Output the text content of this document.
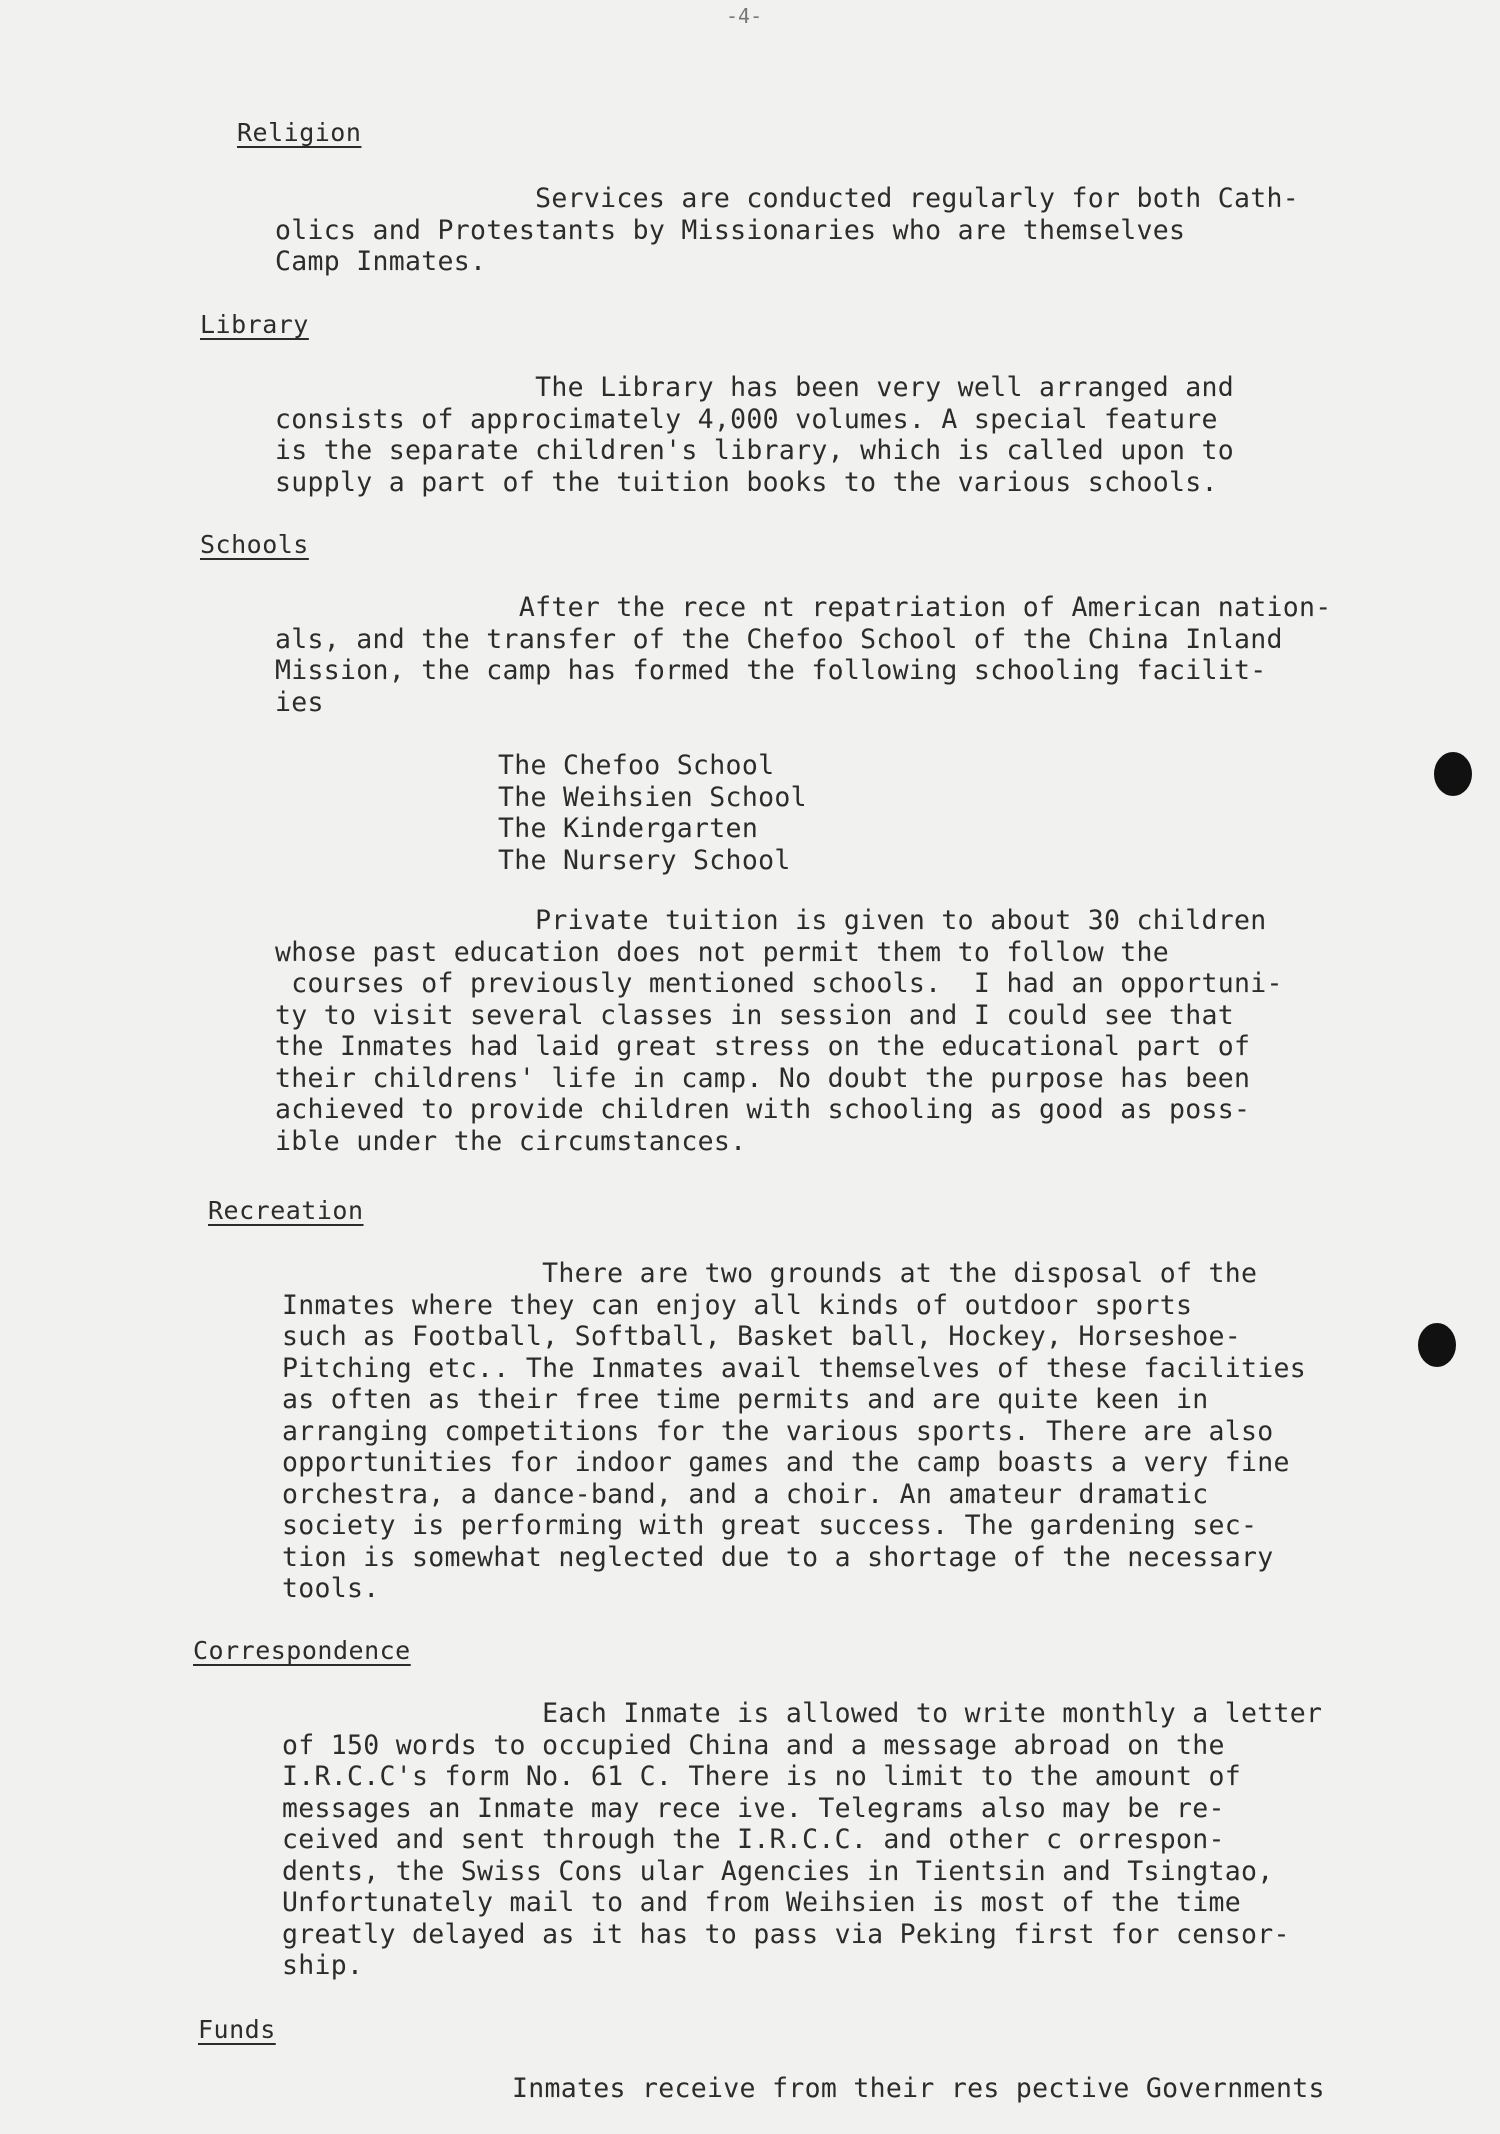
-4-
Religion
Services are conducted regularly for both Cath-
olics and Protestants by Missionaries who are themselves
Camp Inmates.
Library
The Library has been very well arranged and
consists of approcimately 4,000 volumes. A special feature
is the separate children's library, which is called upon to
supply a part of the tuition books to the various schools.
Schools
After the rece nt repatriation of American nation-
als, and the transfer of the Chefoo School of the China Inland
Mission, the camp has formed the following schooling facilit-
ies
The Chefoo School
The Weihsien School
The Kindergarten
The Nursery School
Private tuition is given to about 30 children
whose past education does not permit them to follow the
courses of previously mentioned schools.  I had an opportuni-
ty to visit several classes in session and I could see that
the Inmates had laid great stress on the educational part of
their childrens' life in camp. No doubt the purpose has been
achieved to provide children with schooling as good as poss-
ible under the circumstances.
Recreation
There are two grounds at the disposal of the
Inmates where they can enjoy all kinds of outdoor sports
such as Football, Softball, Basket ball, Hockey, Horseshoe-
Pitching etc.. The Inmates avail themselves of these facilities
as often as their free time permits and are quite keen in
arranging competitions for the various sports. There are also
opportunities for indoor games and the camp boasts a very fine
orchestra, a dance-band, and a choir. An amateur dramatic
society is performing with great success. The gardening sec-
tion is somewhat neglected due to a shortage of the necessary
tools.
Correspondence
Each Inmate is allowed to write monthly a letter
of 150 words to occupied China and a message abroad on the
I.R.C.C's form No. 61 C. There is no limit to the amount of
messages an Inmate may rece ive. Telegrams also may be re-
ceived and sent through the I.R.C.C. and other c orrespon-
dents, the Swiss Cons ular Agencies in Tientsin and Tsingtao,
Unfortunately mail to and from Weihsien is most of the time
greatly delayed as it has to pass via Peking first for censor-
ship.
Funds
Inmates receive from their res pective Governments
